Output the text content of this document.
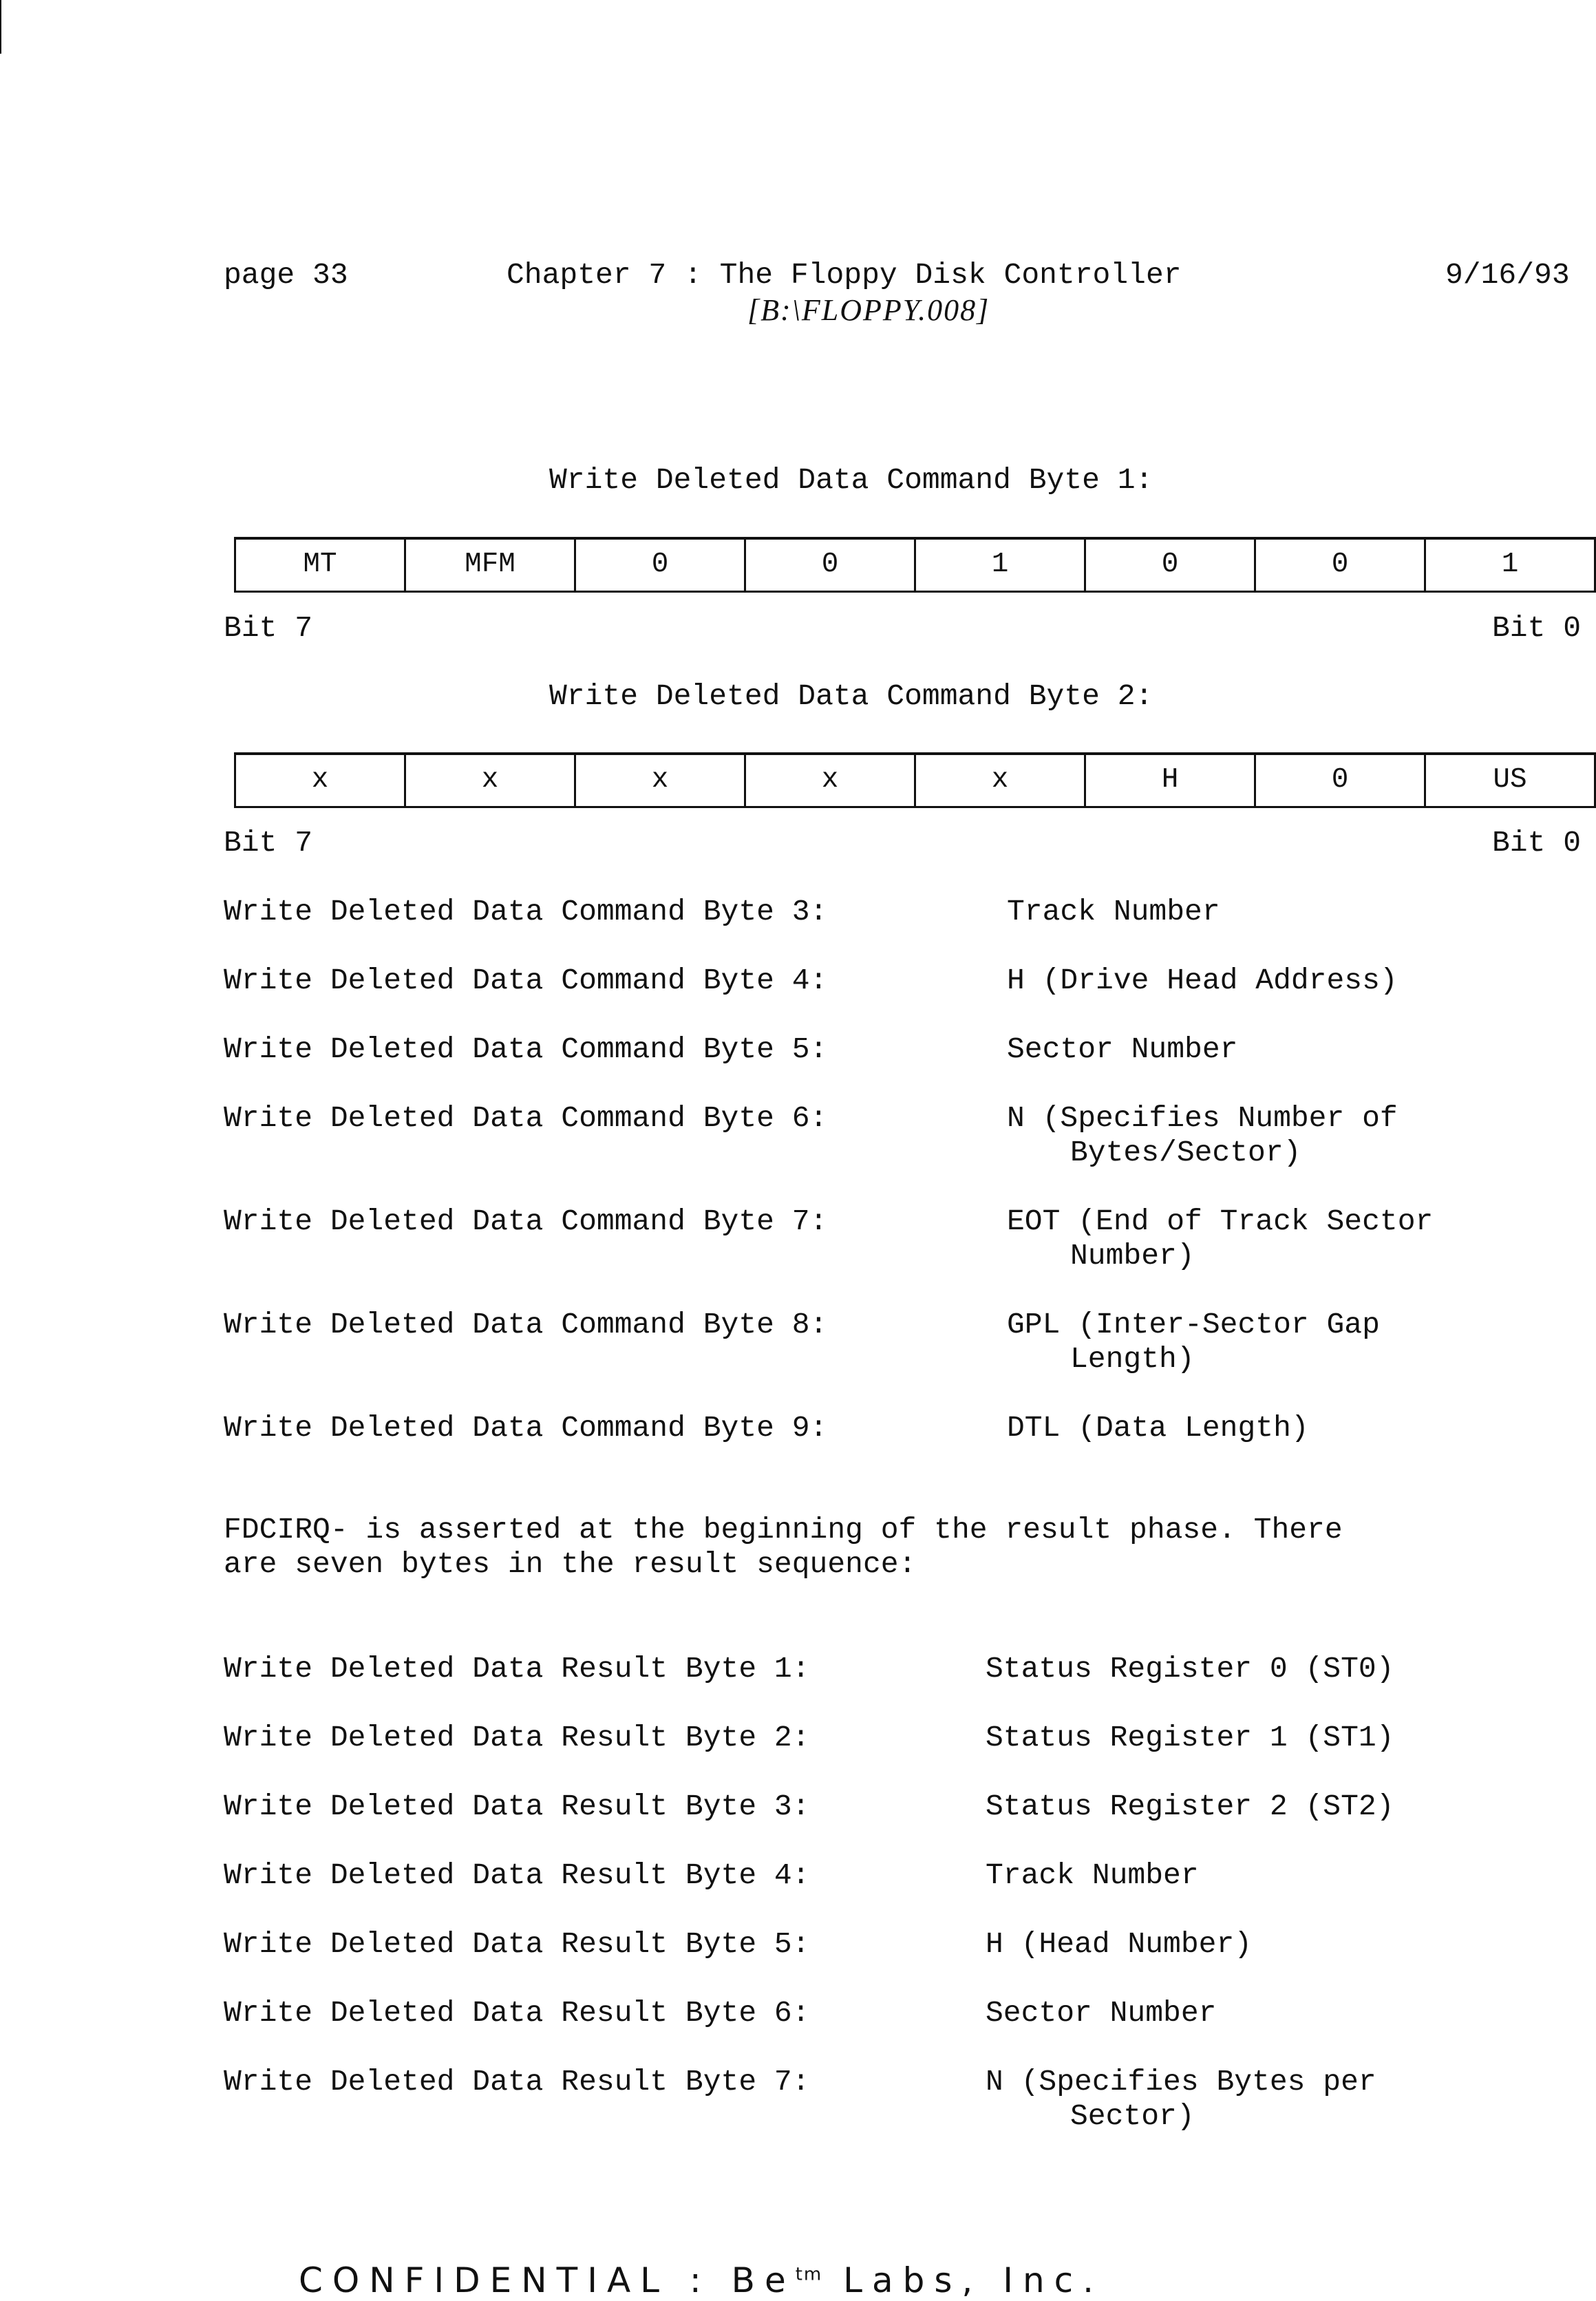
page 33	Chapter 7 : The Floppy Disk Controller	9/16/93
[B:\FLOPPY.008]
Write Deleted Data Command Byte 1:
MT	MFM	0	0	1	0	0	1
Bit 7	Bit 0
Write Deleted Data Command Byte 2:
x	x	x	x	x	H	0	US
Bit 7	Bit 0
Write Deleted Data Command Byte 3:	Track Number
Write Deleted Data Command Byte 4:	H (Drive Head Address)
Write Deleted Data Command Byte 5:	Sector Number
Write Deleted Data Command Byte 6:	N (Specifies Number of
Bytes/Sector)
Write Deleted Data Command Byte 7:	EOT (End of Track Sector
Number)
Write Deleted Data Command Byte 8:	GPL (Inter-Sector Gap
Length)
Write Deleted Data Command Byte 9:	DTL (Data Length)
FDCIRQ- is asserted at the beginning of the result phase. There
are seven bytes in the result sequence:
Write Deleted Data Result Byte 1:	Status Register 0 (ST0)
Write Deleted Data Result Byte 2:	Status Register 1 (ST1)
Write Deleted Data Result Byte 3:	Status Register 2 (ST2)
Write Deleted Data Result Byte 4:	Track Number
Write Deleted Data Result Byte 5:	H (Head Number)
Write Deleted Data Result Byte 6:	Sector Number
Write Deleted Data Result Byte 7:	N (Specifies Bytes per
Sector)
CONFIDENTIAL : $Be^{tm}$ Labs, Inc.
